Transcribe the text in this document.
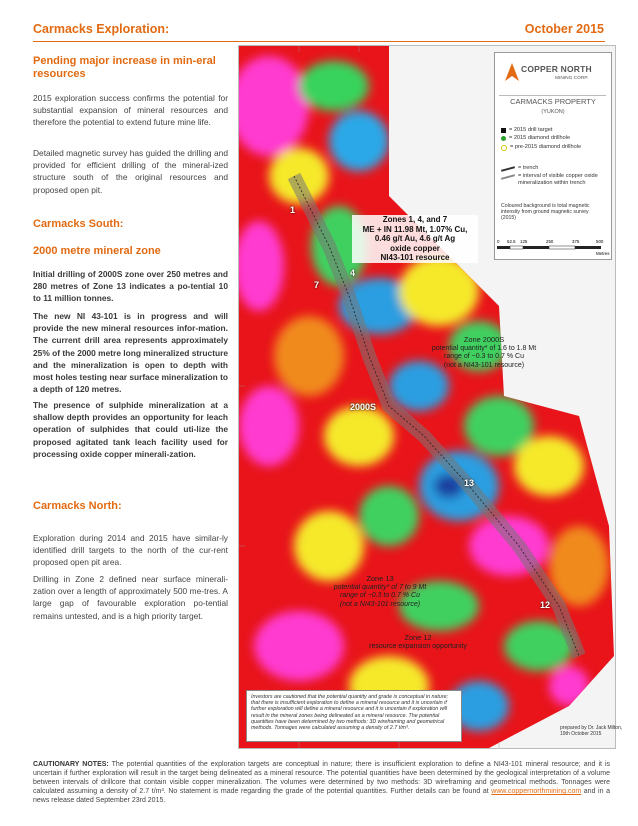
Carmacks Exploration:	October 2015
Pending major increase in min-eral resources
2015 exploration success confirms the potential for substantial expansion of mineral resources and therefore the potential to extend future mine life.
Detailed magnetic survey has guided the drilling and provided for efficient drilling of the mineral-ized structure south of the original resources and proposed open pit.
Carmacks South:
2000 metre mineral zone
Initial drilling of 2000S zone over 250 metres and 280 metres of Zone 13 indicates a po-tential 10 to 11 million tonnes.
The new NI 43-101 is in progress and will provide the new mineral resources infor-mation. The current drill area represents approximately 25% of the 2000 metre long mineralized structure and the mineralization is open to depth with most holes testing near surface mineralization to a depth of 120 metres.
The presence of sulphide mineralization at a shallow depth provides an opportunity for leach operation of sulphides that could uti-lize the proposed agitated tank leach facility used for processing oxide copper minerali-zation.
Carmacks North:
Exploration during 2014 and 2015 have similar-ly identified drill targets to the north of the cur-rent proposed open pit area.
Drilling in Zone 2 defined near surface minerali-zation over a length of approximately 500 me-tres. A large gap of favourable exploration po-tential remains untested, and is a high priority target.
COPPER NORTH
MINING CORP.
CARMACKS PROPERTY
(YUKON)
= 2015 drill target
= 2015 diamond drillhole
= pre-2015 diamond drillhole
= trench
= interval of visible copper oxide mineralization within trench
Coloured background is total magnetic intensity from ground magnetic survey (2015)
0 62.5 125	250	375	500
Metres
Zones 1, 4, and 7
ME + IN 11.98 Mt, 1.07% Cu,
0.46 g/t Au, 4.6 g/t Ag
oxide copper
NI43-101 resource
Zone 2000S
potential quantity* of 1.6 to 1.8 Mt
range of ~0.3 to 0.7 % Cu
(not a NI43-101 resource)
Zone 13
potential quantity* of 7 to 9 Mt
range of ~0.3 to 0.7 % Cu
(not a NI43-101 resource)
Zone 12
resource expansion opportunity
1
4
7
2000S
13
12
Investors are cautioned that the potential quantity and grade is conceptual in nature; that there is insufficient exploration to define a mineral resource and it is uncertain if further exploration will define a mineral resource and it is uncertain if exploration will result in the mineral zones being delineated as a mineral resource. The potential quantities have been determined by two methods: 3D wireframing and geometrical methods. Tonnages were calculated assuming a density of 2.7 t/m³.	prepared by Dr. Jack Milton,
19th October 2015
CAUTIONARY NOTES: The potential quantities of the exploration targets are conceptual in nature; there is insufficient exploration to define a NI43-101 mineral resource; and it is uncertain if further exploration will result in the target being delineated as a mineral resource. The potential quantities have been determined by the geological interpretation of a volume between intervals of drillcore that contain visible copper mineralization. The volumes were determined by two methods: 3D wireframing and geometrical methods. Tonnages were calculated assuming a density of 2.7 t/m³. No statement is made regarding the grade of the potential quantities. Further details can be found at www.coppernorthmining.com and in a news release dated September 23rd 2015.
